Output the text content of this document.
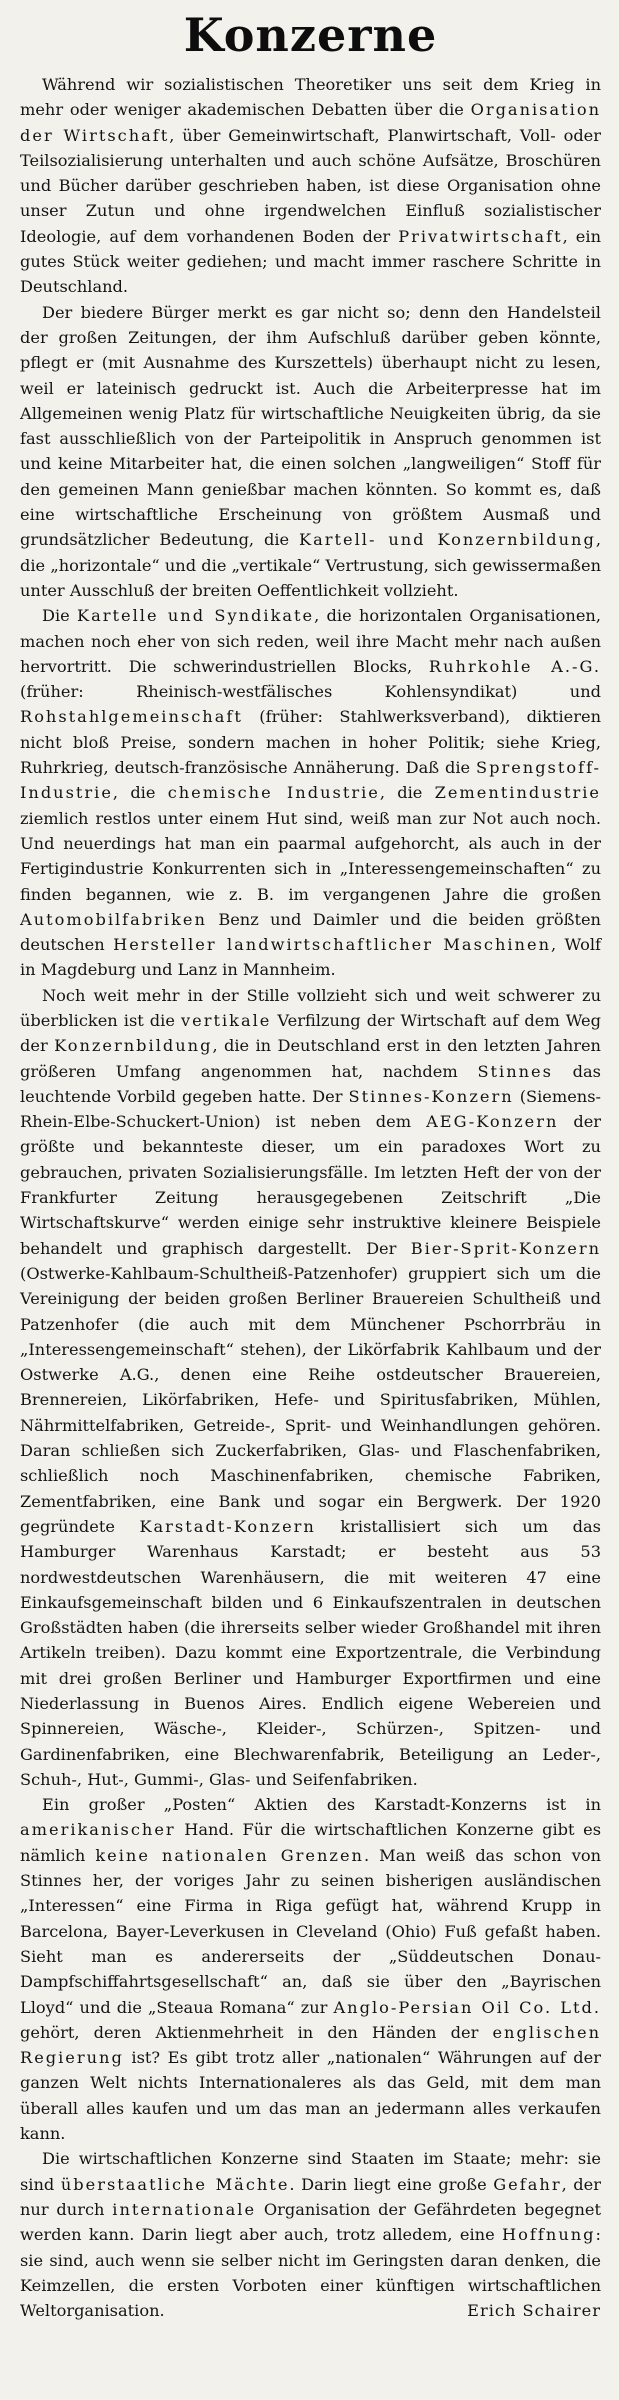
Konzerne

Während wir sozialistischen Theoretiker uns seit dem Krieg in mehr oder weniger akademischen Debatten über die Organisation der Wirtschaft, über Gemeinwirtschaft, Planwirtschaft, Voll- oder Teilsozialisierung unterhalten und auch schöne Aufsätze, Broschüren und Bücher darüber geschrieben haben, ist diese Organisation ohne unser Zutun und ohne irgendwelchen Einfluß sozialistischer Ideologie, auf dem vorhandenen Boden der Privatwirtschaft, ein gutes Stück weiter gediehen; und macht immer raschere Schritte in Deutschland.

Der biedere Bürger merkt es gar nicht so; denn den Handelsteil der großen Zeitungen, der ihm Aufschluß darüber geben könnte, pflegt er (mit Ausnahme des Kurszettels) überhaupt nicht zu lesen, weil er lateinisch gedruckt ist. Auch die Arbeiterpresse hat im Allgemeinen wenig Platz für wirtschaftliche Neuigkeiten übrig, da sie fast ausschließlich von der Parteipolitik in Anspruch genommen ist und keine Mitarbeiter hat, die einen solchen „langweiligen“ Stoff für den gemeinen Mann genießbar machen könnten. So kommt es, daß eine wirtschaftliche Erscheinung von größtem Ausmaß und grundsätzlicher Bedeutung, die Kartell- und Konzernbildung, die „horizontale“ und die „vertikale“ Vertrustung, sich gewissermaßen unter Ausschluß der breiten Oeffentlichkeit vollzieht.

Die Kartelle und Syndikate, die horizontalen Organisationen, machen noch eher von sich reden, weil ihre Macht mehr nach außen hervortritt. Die schwerindustriellen Blocks, Ruhrkohle A.-G. (früher: Rheinisch-westfälisches Kohlensyndikat) und Rohstahlgemeinschaft (früher: Stahlwerksverband), diktieren nicht bloß Preise, sondern machen in hoher Politik; siehe Krieg, Ruhrkrieg, deutsch-französische Annäherung. Daß die Sprengstoff-Industrie, die chemische Industrie, die Zementindustrie ziemlich restlos unter einem Hut sind, weiß man zur Not auch noch. Und neuerdings hat man ein paarmal aufgehorcht, als auch in der Fertigindustrie Konkurrenten sich in „Interessengemeinschaften“ zu finden begannen, wie z. B. im vergangenen Jahre die großen Automobilfabriken Benz und Daimler und die beiden größten deutschen Hersteller landwirtschaftlicher Maschinen, Wolf in Magdeburg und Lanz in Mannheim.

Noch weit mehr in der Stille vollzieht sich und weit schwerer zu überblicken ist die vertikale Verfilzung der Wirtschaft auf dem Weg der Konzernbildung, die in Deutschland erst in den letzten Jahren größeren Umfang angenommen hat, nachdem Stinnes das leuchtende Vorbild gegeben hatte. Der Stinnes-Konzern (Siemens-Rhein-Elbe-Schuckert-Union) ist neben dem AEG-Konzern der größte und bekannteste dieser, um ein paradoxes Wort zu gebrauchen, privaten Sozialisierungsfälle. Im letzten Heft der von der Frankfurter Zeitung herausgegebenen Zeitschrift „Die Wirtschaftskurve“ werden einige sehr instruktive kleinere Beispiele behandelt und graphisch dargestellt. Der Bier-Sprit-Konzern (Ostwerke-Kahlbaum-Schultheiß-Patzenhofer) gruppiert sich um die Vereinigung der beiden großen Berliner Brauereien Schultheiß und Patzenhofer (die auch mit dem Münchener Pschorrbräu in „Interessengemeinschaft“ stehen), der Likörfabrik Kahlbaum und der Ostwerke A.G., denen eine Reihe ostdeutscher Brauereien, Brennereien, Likörfabriken, Hefe- und Spiritusfabriken, Mühlen, Nährmittelfabriken, Getreide-, Sprit- und Weinhandlungen gehören. Daran schließen sich Zuckerfabriken, Glas- und Flaschenfabriken, schließlich noch Maschinenfabriken, chemische Fabriken, Zementfabriken, eine Bank und sogar ein Bergwerk. Der 1920 gegründete Karstadt-Konzern kristallisiert sich um das Hamburger Warenhaus Karstadt; er besteht aus 53 nordwestdeutschen Warenhäusern, die mit weiteren 47 eine Einkaufsgemeinschaft bilden und 6 Einkaufszentralen in deutschen Großstädten haben (die ihrerseits selber wieder Großhandel mit ihren Artikeln treiben). Dazu kommt eine Exportzentrale, die Verbindung mit drei großen Berliner und Hamburger Exportfirmen und eine Niederlassung in Buenos Aires. Endlich eigene Webereien und Spinnereien, Wäsche-, Kleider-, Schürzen-, Spitzen- und Gardinenfabriken, eine Blechwarenfabrik, Beteiligung an Leder-, Schuh-, Hut-, Gummi-, Glas- und Seifenfabriken.

Ein großer „Posten“ Aktien des Karstadt-Konzerns ist in amerikanischer Hand. Für die wirtschaftlichen Konzerne gibt es nämlich keine nationalen Grenzen. Man weiß das schon von Stinnes her, der voriges Jahr zu seinen bisherigen ausländischen „Interessen“ eine Firma in Riga gefügt hat, während Krupp in Barcelona, Bayer-Leverkusen in Cleveland (Ohio) Fuß gefaßt haben. Sieht man es andererseits der „Süddeutschen Donau-Dampfschiffahrtsgesellschaft“ an, daß sie über den „Bayrischen Lloyd“ und die „Steaua Romana“ zur Anglo-Persian Oil Co. Ltd. gehört, deren Aktienmehrheit in den Händen der englischen Regierung ist? Es gibt trotz aller „nationalen“ Währungen auf der ganzen Welt nichts Internationaleres als das Geld, mit dem man überall alles kaufen und um das man an jedermann alles verkaufen kann.

Die wirtschaftlichen Konzerne sind Staaten im Staate; mehr: sie sind überstaatliche Mächte. Darin liegt eine große Gefahr, der nur durch internationale Organisation der Gefährdeten begegnet werden kann. Darin liegt aber auch, trotz alledem, eine Hoffnung: sie sind, auch wenn sie selber nicht im Geringsten daran denken, die Keimzellen, die ersten Vorboten einer künftigen wirtschaftlichen Weltorganisation.	Erich Schairer
